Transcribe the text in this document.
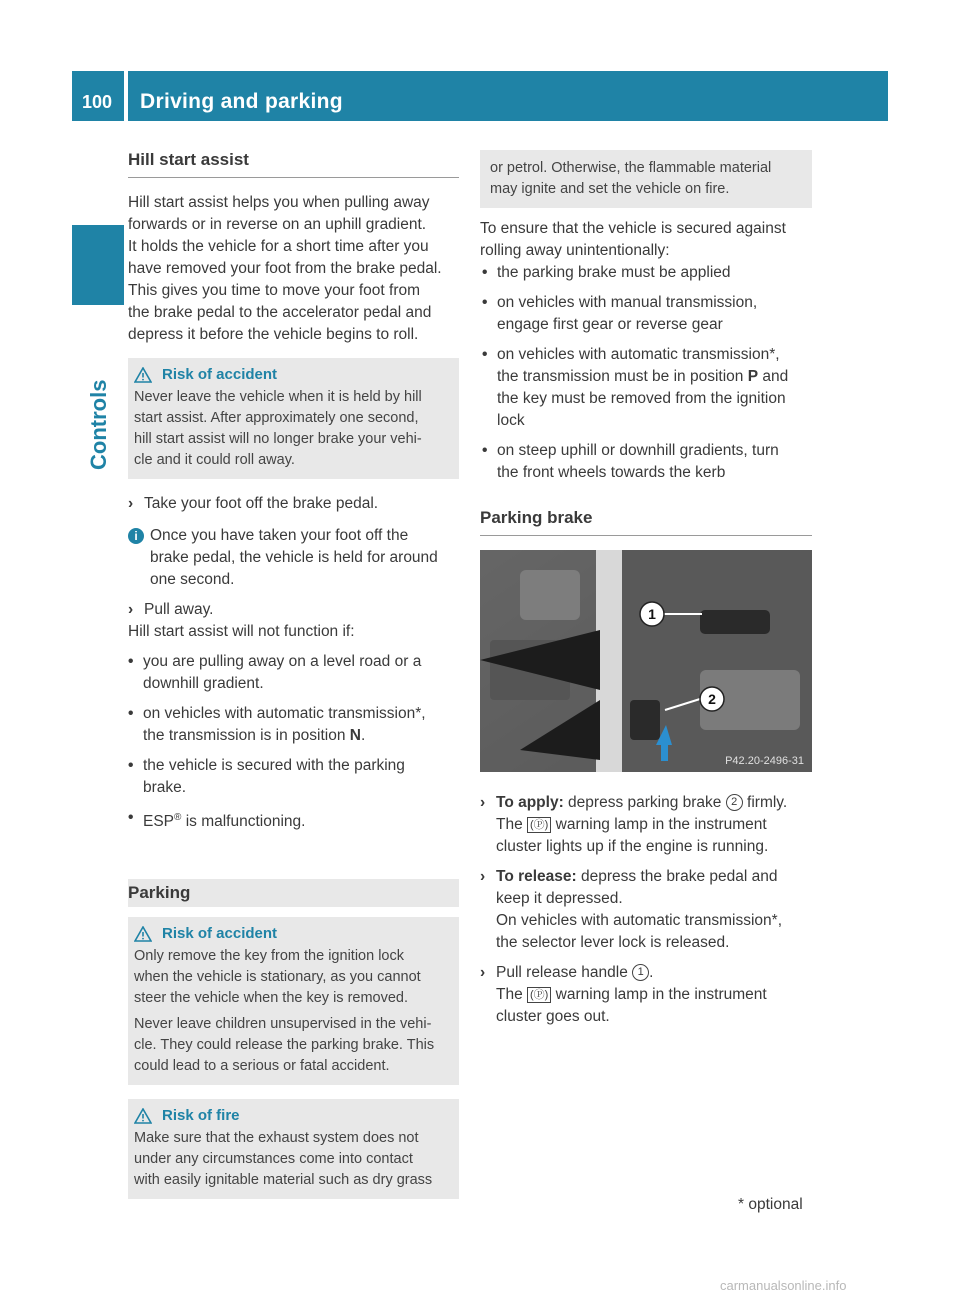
100 Driving and parking
Controls
Hill start assist

Hill start assist helps you when pulling away
forwards or in reverse on an uphill gradient.
It holds the vehicle for a short time after you
have removed your foot from the brake pedal.
This gives you time to move your foot from
the brake pedal to the accelerator pedal and
depress it before the vehicle begins to roll.

Risk of accident
Never leave the vehicle when it is held by hill
start assist. After approximately one second,
hill start assist will no longer brake your vehi-
cle and it could roll away.
› Take your foot off the brake pedal.
i Once you have taken your foot off the
brake pedal, the vehicle is held for around
one second.
› Pull away.

Hill start assist will not function if:

• you are pulling away on a level road or a
downhill gradient.
• on vehicles with automatic transmission*,
the transmission is in position N.
• the vehicle is secured with the parking
brake.
• ESP® is malfunctioning.
Parking
Risk of accident
Only remove the key from the ignition lock
when the vehicle is stationary, as you cannot
steer the vehicle when the key is removed.
Never leave children unsupervised in the vehi-
cle. They could release the parking brake. This
could lead to a serious or fatal accident.
Risk of fire
Make sure that the exhaust system does not
under any circumstances come into contact
with easily ignitable material such as dry grass
or petrol. Otherwise, the flammable material
may ignite and set the vehicle on fire.

To ensure that the vehicle is secured against
rolling away unintentionally:

• the parking brake must be applied
• on vehicles with manual transmission,
engage first gear or reverse gear
• on vehicles with automatic transmission*,
the transmission must be in position P and
the key must be removed from the ignition
lock
• on steep uphill or downhill gradients, turn
the front wheels towards the kerb
Parking brake
1
2
P42.20-2496-31
› To apply: depress parking brake 2 firmly.
The (Ⓟ) warning lamp in the instrument
cluster lights up if the engine is running.
› To release: depress the brake pedal and
keep it depressed.
On vehicles with automatic transmission*,
the selector lever lock is released.
› Pull release handle 1 .
The (Ⓟ) warning lamp in the instrument
cluster goes out.
* optional
carmanualsonline.info
